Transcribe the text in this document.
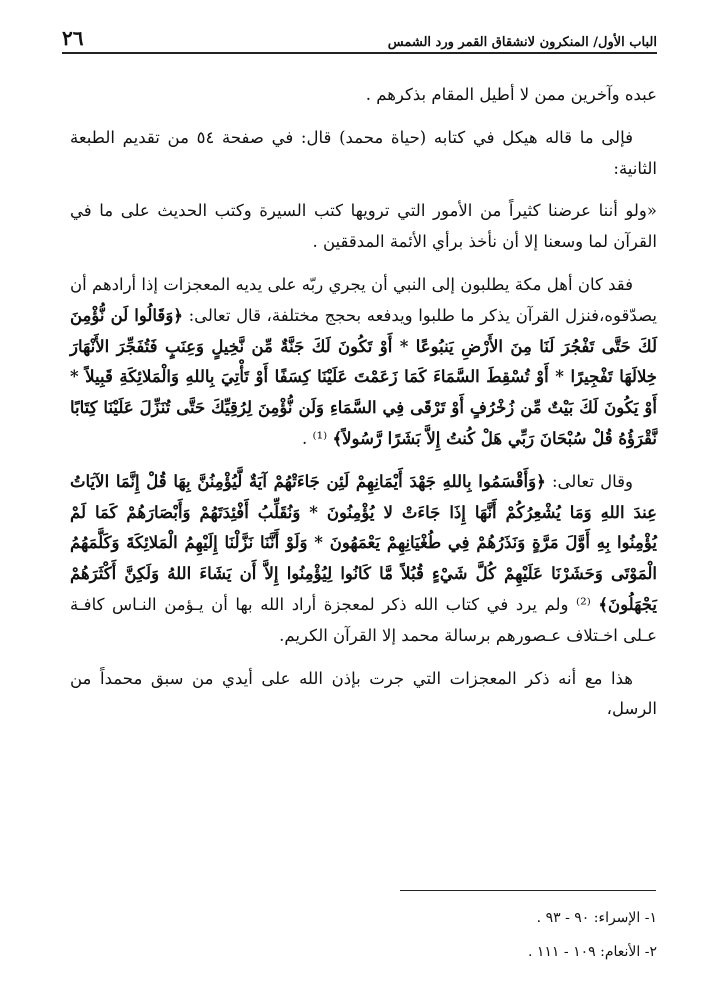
الباب الأول/ المنكرون لانشقاق القمر ورد الشمس
٢٦

عبده وآخرين ممن لا أطيل المقام بذكرهم .

فإلى ما قاله هيكل في كتابه (حياة محمد) قال: في صفحة ٥٤ من تقديم الطبعة الثانية:

«ولو أننا عرضنا كثيراً من الأمور التي ترويها كتب السيرة وكتب الحديث على ما في القرآن لما وسعنا إلا أن نأخذ برأي الأئمة المدققين .

فقد كان أهل مكة يطلبون إلى النبي أن يجري ربّه على يديه المعجزات إذا أرادهم أن يصدّقوه،فنزل القرآن يذكر ما طلبوا ويدفعه بحجج مختلفة، قال تعالى: ﴿وَقَالُوا لَن نُّؤْمِنَ لَكَ حَتَّى تَفْجُرَ لَنَا مِنَ الأَرْضِ يَنبُوعًا * أَوْ تَكُونَ لَكَ جَنَّةٌ مِّن نَّخِيلٍ وَعِنَبٍ فَتُفَجِّرَ الأَنْهَارَ خِلالَهَا تَفْجِيرًا * أَوْ تُسْقِطَ السَّمَاءَ كَمَا زَعَمْتَ عَلَيْنَا كِسَفًا أَوْ تَأْتِيَ بِاللهِ وَالْمَلائِكَةِ قَبِيلاً * أَوْ يَكُونَ لَكَ بَيْتٌ مِّن زُخْرُفٍ أَوْ تَرْقَى فِي السَّمَاءِ وَلَن نُّؤْمِنَ لِرُقِيِّكَ حَتَّى تُنَزِّلَ عَلَيْنَا كِتَابًا نَّقْرَؤُهُ قُلْ سُبْحَانَ رَبِّي هَلْ كُنتُ إِلاَّ بَشَرًا رَّسُولاً﴾ ⁽¹⁾ .

وقال تعالى: ﴿وَأَقْسَمُوا بِاللهِ جَهْدَ أَيْمَانِهِمْ لَئِن جَاءَتْهُمْ آيَةٌ لَّيُؤْمِنُنَّ بِهَا قُلْ إِنَّمَا الآيَاتُ عِندَ اللهِ وَمَا يُشْعِرُكُمْ أَنَّهَا إِذَا جَاءَتْ لا يُؤْمِنُونَ * وَنُقَلِّبُ أَفْئِدَتَهُمْ وَأَبْصَارَهُمْ كَمَا لَمْ يُؤْمِنُوا بِهِ أَوَّلَ مَرَّةٍ وَنَذَرُهُمْ فِي طُغْيَانِهِمْ يَعْمَهُونَ * وَلَوْ أَنَّنَا نَزَّلْنَا إِلَيْهِمُ الْمَلائِكَةَ وَكَلَّمَهُمُ الْمَوْتَى وَحَشَرْنَا عَلَيْهِمْ كُلَّ شَيْءٍ قُبُلاً مَّا كَانُوا لِيُؤْمِنُوا إِلاَّ أَن يَشَاءَ اللهُ وَلَكِنَّ أَكْثَرَهُمْ يَجْهَلُونَ﴾ ⁽²⁾ ولم يرد في كتاب الله ذكر لمعجزة أراد الله بها أن يـؤمن النـاس كافـة عـلى اخـتلاف عـصورهم برسالة محمد إلا القرآن الكريم.

هذا مع أنه ذكر المعجزات التي جرت بإذن الله على أيدي من سبق محمداً من الرسل،

١- الإسراء: ٩٠ - ٩٣ .
٢- الأنعام: ١٠٩ - ١١١ .
